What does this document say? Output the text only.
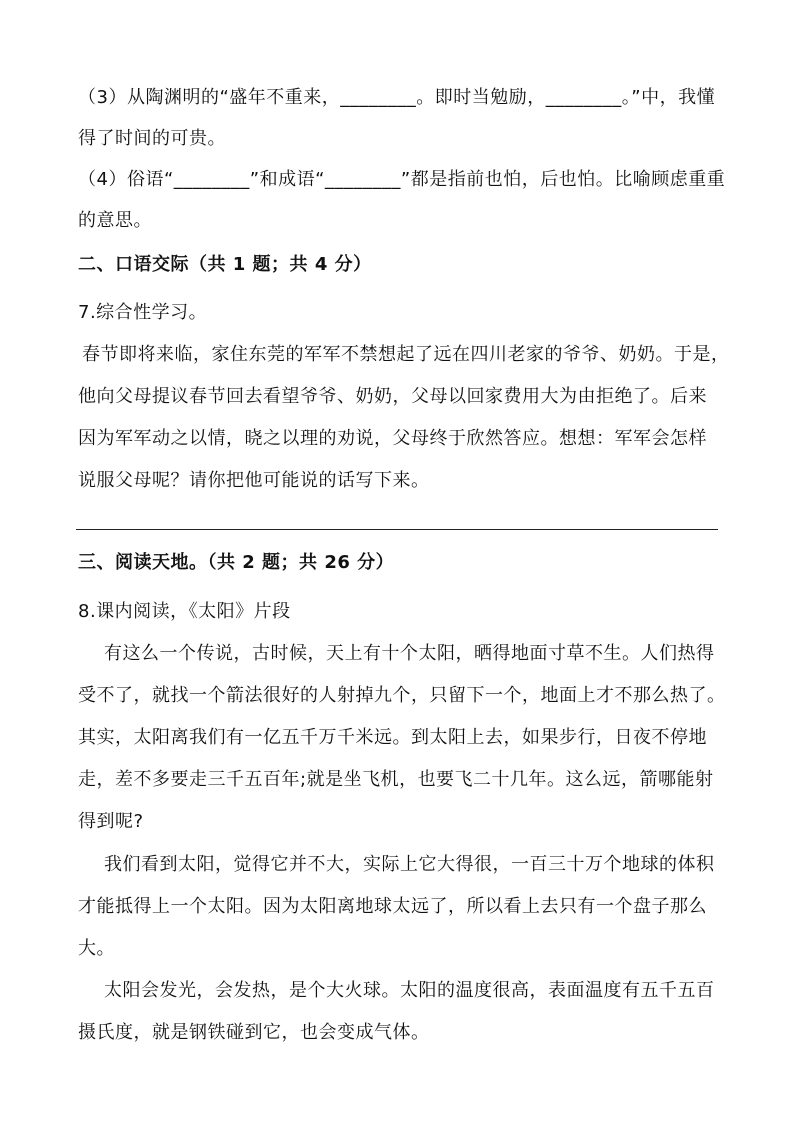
（3）从陶渊明的“盛年不重来，________。即时当勉励，________。”中，我懂
得了时间的可贵。
（4）俗语“________”和成语“________”都是指前也怕，后也怕。比喻顾虑重重
的意思。
二、口语交际（共 1 题；共 4 分）
7.综合性学习。
春节即将来临，家住东莞的军军不禁想起了远在四川老家的爷爷、奶奶。于是，
他向父母提议春节回去看望爷爷、奶奶，父母以回家费用大为由拒绝了。后来
因为军军动之以情，晓之以理的劝说，父母终于欣然答应。想想：军军会怎样
说服父母呢？请你把他可能说的话写下来。
三、阅读天地。（共 2 题；共 26 分）
8.课内阅读，《太阳》片段
有这么一个传说，古时候，天上有十个太阳，晒得地面寸草不生。人们热得
受不了，就找一个箭法很好的人射掉九个，只留下一个，地面上才不那么热了。
其实，太阳离我们有一亿五千万千米远。到太阳上去，如果步行，日夜不停地
走，差不多要走三千五百年;就是坐飞机，也要飞二十几年。这么远，箭哪能射
得到呢?
我们看到太阳，觉得它并不大，实际上它大得很，一百三十万个地球的体积
才能抵得上一个太阳。因为太阳离地球太远了，所以看上去只有一个盘子那么
大。
太阳会发光，会发热，是个大火球。太阳的温度很高，表面温度有五千五百
摄氏度，就是钢铁碰到它，也会变成气体。
